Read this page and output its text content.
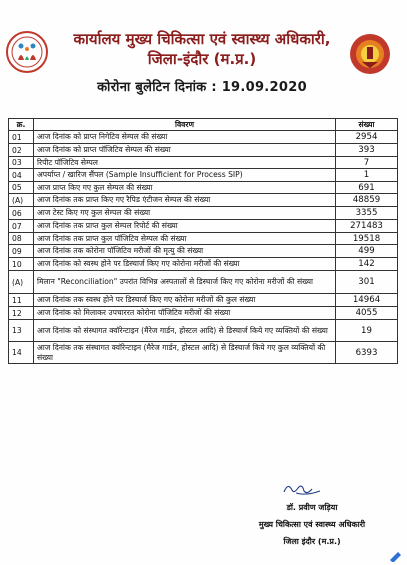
कार्यालय मुख्य चिकित्सा एवं स्वास्थ्य अधिकारी,
जिला-इंदौर (म.प्र.)
कोरोना बुलेटिन दिनांक : 19.09.2020
क्र.	विवरण	संख्या
01	आज दिनांक को प्राप्त निगेटिव सेम्पल की संख्या	2954
02	आज दिनांक को प्राप्त पॉजिटिव सेम्पल की संख्या	393
03	रिपीट पॉजिटिव सेम्पल	7
04	अपर्याप्त / खारिज सैंपल (Sample Insufficient for Process SIP)	1
05	आज प्राप्त किए गए कुल सेम्पल की संख्या	691
(A)	आज दिनांक तक प्राप्त किए गए रैपिड एंटीजन सेम्पल की संख्या	48859
06	आज टेस्ट किए गए कुल सेम्पल की संख्या	3355
07	आज दिनांक तक प्राप्त कुल सेम्पल रिपोर्ट की संख्या	271483
08	आज दिनांक तक प्राप्त कुल पॉजिटिव सेम्पल की संख्या	19518
09	आज दिनांक तक कोरोना पॉजिटिव मरीजों की मृत्यु की संख्या	499
10	आज दिनांक को स्वस्थ होने पर डिस्चार्ज किए गए कोरोना मरीजों की संख्या	142
(A)	मिलान "Reconciliation" उपरांत विभिन्न अस्पतालों से डिस्चार्ज किए गए कोरोना मरीजों की संख्या	301
11	आज दिनांक तक स्वस्थ होने पर डिस्चार्ज किए गए कोरोना मरीजों की कुल संख्या	14964
12	आज दिनांक को मिलाकर उपचाररत कोरोना पॉजिटिव मरीजों की संख्या	4055
13	आज दिनांक को संस्थागत क्वॉरेन्टाइन (मैरेज गार्डन, होस्टल आदि) से डिस्चार्ज किये गए व्यक्तियों की संख्या	19
14	आज दिनांक तक संस्थागत क्वॉरेन्टाइन (मैरेज गार्डन, होस्टल आदि) से डिस्चार्ज किये गए कुल व्यक्तियों की संख्या	6393
डॉ. प्रवीण जड़िया
मुख्य चिकित्सा एवं स्वास्थ्य अधिकारी
जिला इंदौर (म.प्र.)
